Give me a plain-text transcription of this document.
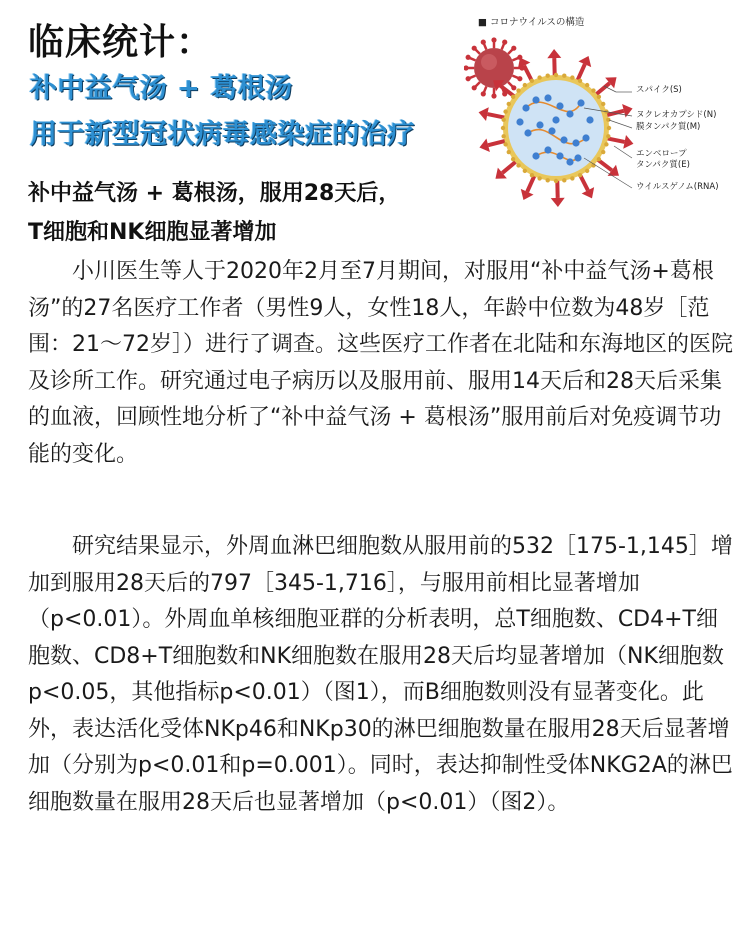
临床统计：
补中益气汤 + 葛根汤
用于新型冠状病毒感染症的治疗
■ コロナウイルスの構造
スパイク(S)
ヌクレオカプシド(N)
膜タンパク質(M)
エンベロープ
タンパク質(E)
ウイルスゲノム(RNA)
补中益气汤 + 葛根汤，服用28天后，
T细胞和NK细胞显著增加

小川医生等人于2020年2月至7月期间，对服用“补中益气汤+葛根汤”的27名医疗工作者（男性9人，女性18人，年龄中位数为48岁［范围：21～72岁］）进行了调查。这些医疗工作者在北陆和东海地区的医院及诊所工作。研究通过电子病历以及服用前、服用14天后和28天后采集的血液，回顾性地分析了“补中益气汤 + 葛根汤”服用前后对免疫调节功能的变化。

研究结果显示，外周血淋巴细胞数从服用前的532［175-1,145］增加到服用28天后的797［345-1,716］，与服用前相比显著增加（p<0.01）。外周血单核细胞亚群的分析表明，总T细胞数、CD4+T细胞数、CD8+T细胞数和NK细胞数在服用28天后均显著增加（NK细胞数p<0.05，其他指标p<0.01）（图1），而B细胞数则没有显著变化。此外，表达活化受体NKp46和NKp30的淋巴细胞数量在服用28天后显著增加（分别为p<0.01和p=0.001）。同时，表达抑制性受体NKG2A的淋巴细胞数量在服用28天后也显著增加（p<0.01）（图2）。
